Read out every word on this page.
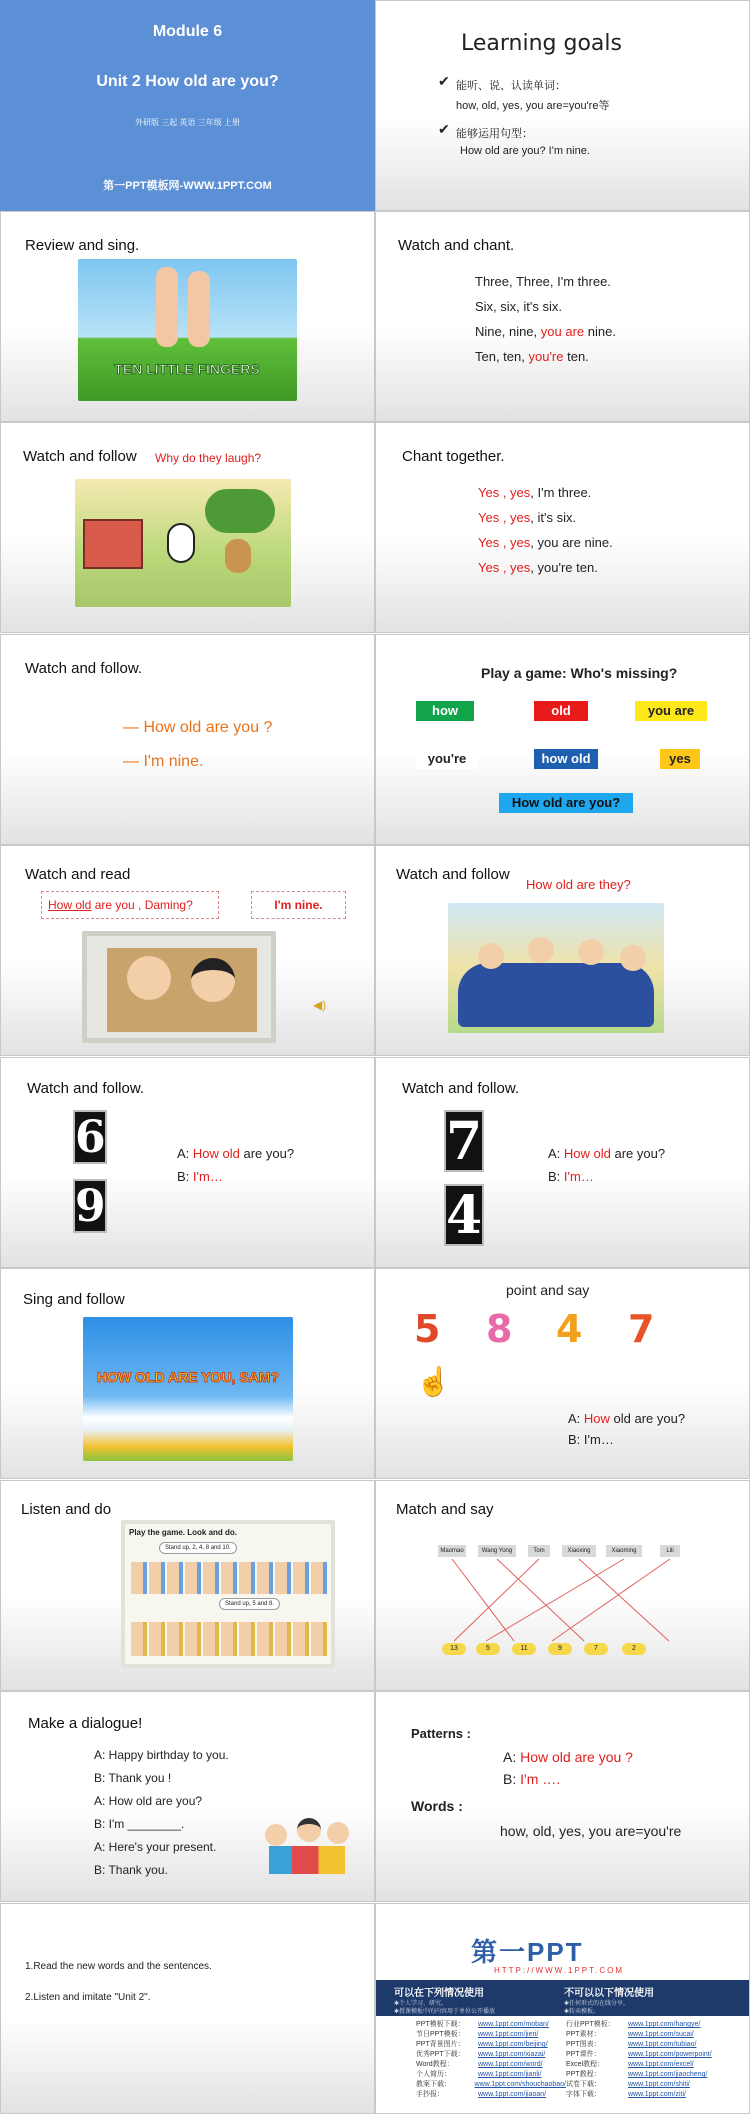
Module 6
Unit 2 How old are you?
外研版 三起 英语 三年级 上册
第一PPT模板网-WWW.1PPT.COM
Learning goals
✔ 能听、说、认读单词：
how, old, yes, you are=you're等
✔ 能够运用句型：
How old are you? I'm nine.
Review and sing.
TEN LITTLE FINGERS
Watch and chant.
Three, Three, I'm three.
Six, six, it's six.
Nine, nine, you are nine.
Ten, ten, you're ten.
Watch and follow Why do they laugh?	Chant together.
Yes , yes, I'm three.
Yes , yes, it's six.
Yes , yes, you are nine.
Yes , yes, you're ten.
Watch and follow.
— How old are you ?
— I'm nine.
Play a game: Who's missing?
how	old	you are
you're	how old	yes
How old are you?
Watch and read
How old are you , Daming?	I'm nine.
◀)
Watch and follow
How old are they?
Watch and follow.
6
9
A: How old are you?
B: I'm…
Watch and follow.
7
4
A: How old are you?
B: I'm…
Sing and follow
HOW OLD ARE YOU, SAM?
point and say
5 8 4 7
☝
A: How old are you?
B: I'm…
Listen and do
Play the game. Look and do.
Stand up, 2, 4, 8 and 10.
Stand up, 5 and 8.
Match and say
Maomao	Wang Yong	Tom	Xiaoxing	Xiaoming	Lili
13	5	11	9	7	2
Make a dialogue!
A: Happy birthday to you.
B: Thank you !
A: How old are you?
B: I'm ________.
A: Here's your present.
B: Thank you.
Patterns :
A: How old are you ?
B: I'm ….
Words :
how, old, yes, you are=you're
1.Read the new words and the sentences.
2.Listen and imitate "Unit 2".
第一PPT
HTTP://WWW.1PPT.COM
可以在下列情况使用
✱个人学习、研究。
✱授课模板中的内容用于单位公开播放
不可以以下情况使用
✱任何形式的在线分享，
✱转卖模板。
PPT模板下载：	www.1ppt.com/moban/
节日PPT模板：	www.1ppt.com/jieri/
PPT背景图片：	www.1ppt.com/beijing/
优秀PPT下载：	www.1ppt.com/xiazai/
Word教程：	www.1ppt.com/word/
个人简历：	www.1ppt.com/jianli/
教案下载：	www.1ppt.com/shouchaobao/
手抄报：	www.1ppt.com/jiaoan/
行业PPT模板：	www.1ppt.com/hangye/
PPT素材：	www.1ppt.com/sucai/
PPT图表：	www.1ppt.com/tubiao/
PPT课件：	www.1ppt.com/powerpoint/
Excel教程：	www.1ppt.com/excel/
PPT教程：	www.1ppt.com/jiaocheng/
试卷下载：	www.1ppt.com/shiti/
字体下载：	www.1ppt.com/ziti/
